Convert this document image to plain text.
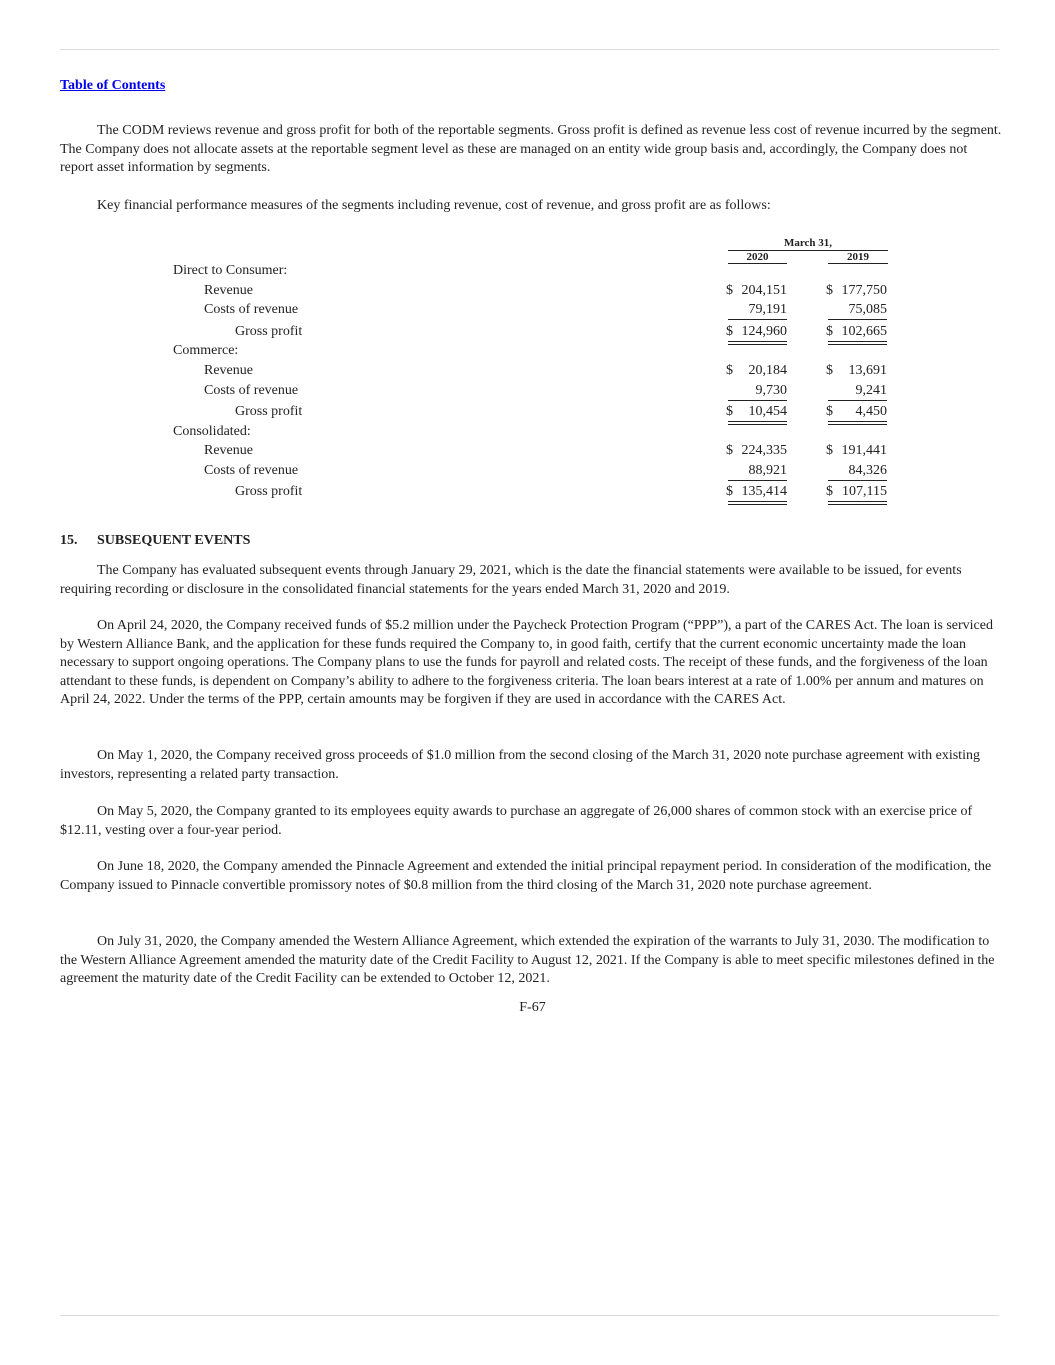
Table of Contents

The CODM reviews revenue and gross profit for both of the reportable segments. Gross profit is defined as revenue less cost of revenue incurred by the segment. The Company does not allocate assets at the reportable segment level as these are managed on an entity wide group basis and, accordingly, the Company does not report asset information by segments.

Key financial performance measures of the segments including revenue, cost of revenue, and gross profit are as follows:

March 31,
2020	2019
Direct to Consumer:
Revenue	$ 204,151	$ 177,750
Costs of revenue	79,191	75,085
Gross profit	$ 124,960	$ 102,665
Commerce:
Revenue	$ 20,184	$ 13,691
Costs of revenue	9,730	9,241
Gross profit	$ 10,454	$ 4,450
Consolidated:
Revenue	$ 224,335	$ 191,441
Costs of revenue	88,921	84,326
Gross profit	$ 135,414	$ 107,115
15. SUBSEQUENT EVENTS

The Company has evaluated subsequent events through January 29, 2021, which is the date the financial statements were available to be issued, for events requiring recording or disclosure in the consolidated financial statements for the years ended March 31, 2020 and 2019.

On April 24, 2020, the Company received funds of $5.2 million under the Paycheck Protection Program (“PPP”), a part of the CARES Act. The loan is serviced by Western Alliance Bank, and the application for these funds required the Company to, in good faith, certify that the current economic uncertainty made the loan necessary to support ongoing operations. The Company plans to use the funds for payroll and related costs. The receipt of these funds, and the forgiveness of the loan attendant to these funds, is dependent on Company’s ability to adhere to the forgiveness criteria. The loan bears interest at a rate of 1.00% per annum and matures on April 24, 2022. Under the terms of the PPP, certain amounts may be forgiven if they are used in accordance with the CARES Act.

On May 1, 2020, the Company received gross proceeds of $1.0 million from the second closing of the March 31, 2020 note purchase agreement with existing investors, representing a related party transaction.

On May 5, 2020, the Company granted to its employees equity awards to purchase an aggregate of 26,000 shares of common stock with an exercise price of $12.11, vesting over a four-year period.

On June 18, 2020, the Company amended the Pinnacle Agreement and extended the initial principal repayment period. In consideration of the modification, the Company issued to Pinnacle convertible promissory notes of $0.8 million from the third closing of the March 31, 2020 note purchase agreement.

On July 31, 2020, the Company amended the Western Alliance Agreement, which extended the expiration of the warrants to July 31, 2030. The modification to the Western Alliance Agreement amended the maturity date of the Credit Facility to August 12, 2021. If the Company is able to meet specific milestones defined in the agreement the maturity date of the Credit Facility can be extended to October 12, 2021.

F-67
